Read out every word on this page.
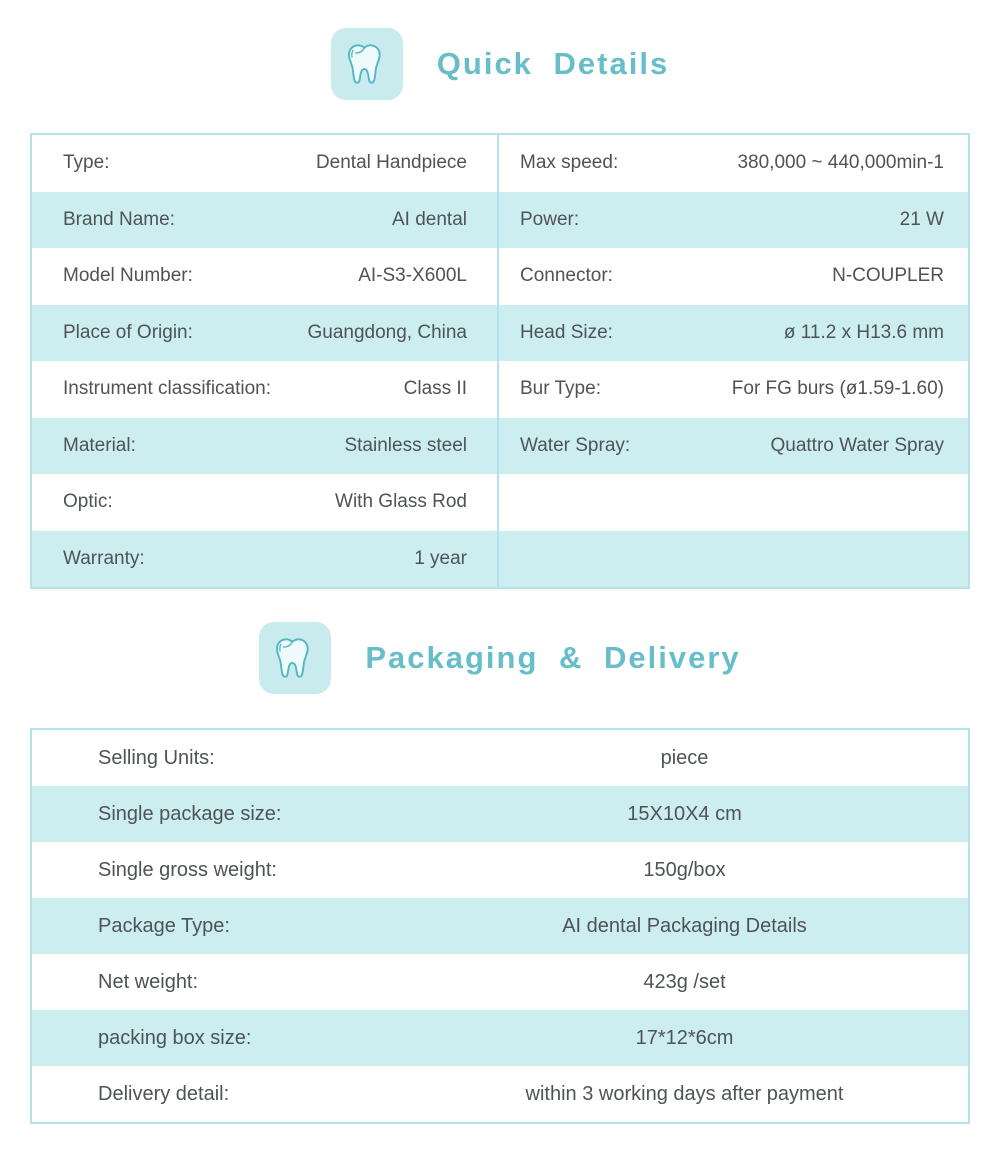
Quick Details
Type:	Dental Handpiece
Brand Name:	AI dental
Model Number:	AI-S3-X600L
Place of Origin:	Guangdong, China
Instrument classification:	Class II
Material:	Stainless steel
Optic:	With Glass Rod
Warranty:	1 year
Max speed:	380,000 ~ 440,000min-1
Power:	21 W
Connector:	N-COUPLER
Head Size:	ø 11.2 x H13.6 mm
Bur Type:	For FG burs (ø1.59-1.60)
Water Spray:	Quattro Water Spray
Packaging & Delivery
Selling Units:	piece
Single package size:	15X10X4 cm
Single gross weight:	150g/box
Package Type:	AI dental Packaging Details
Net weight:	423g /set
packing box size:	17*12*6cm
Delivery detail:	within 3 working days after payment
